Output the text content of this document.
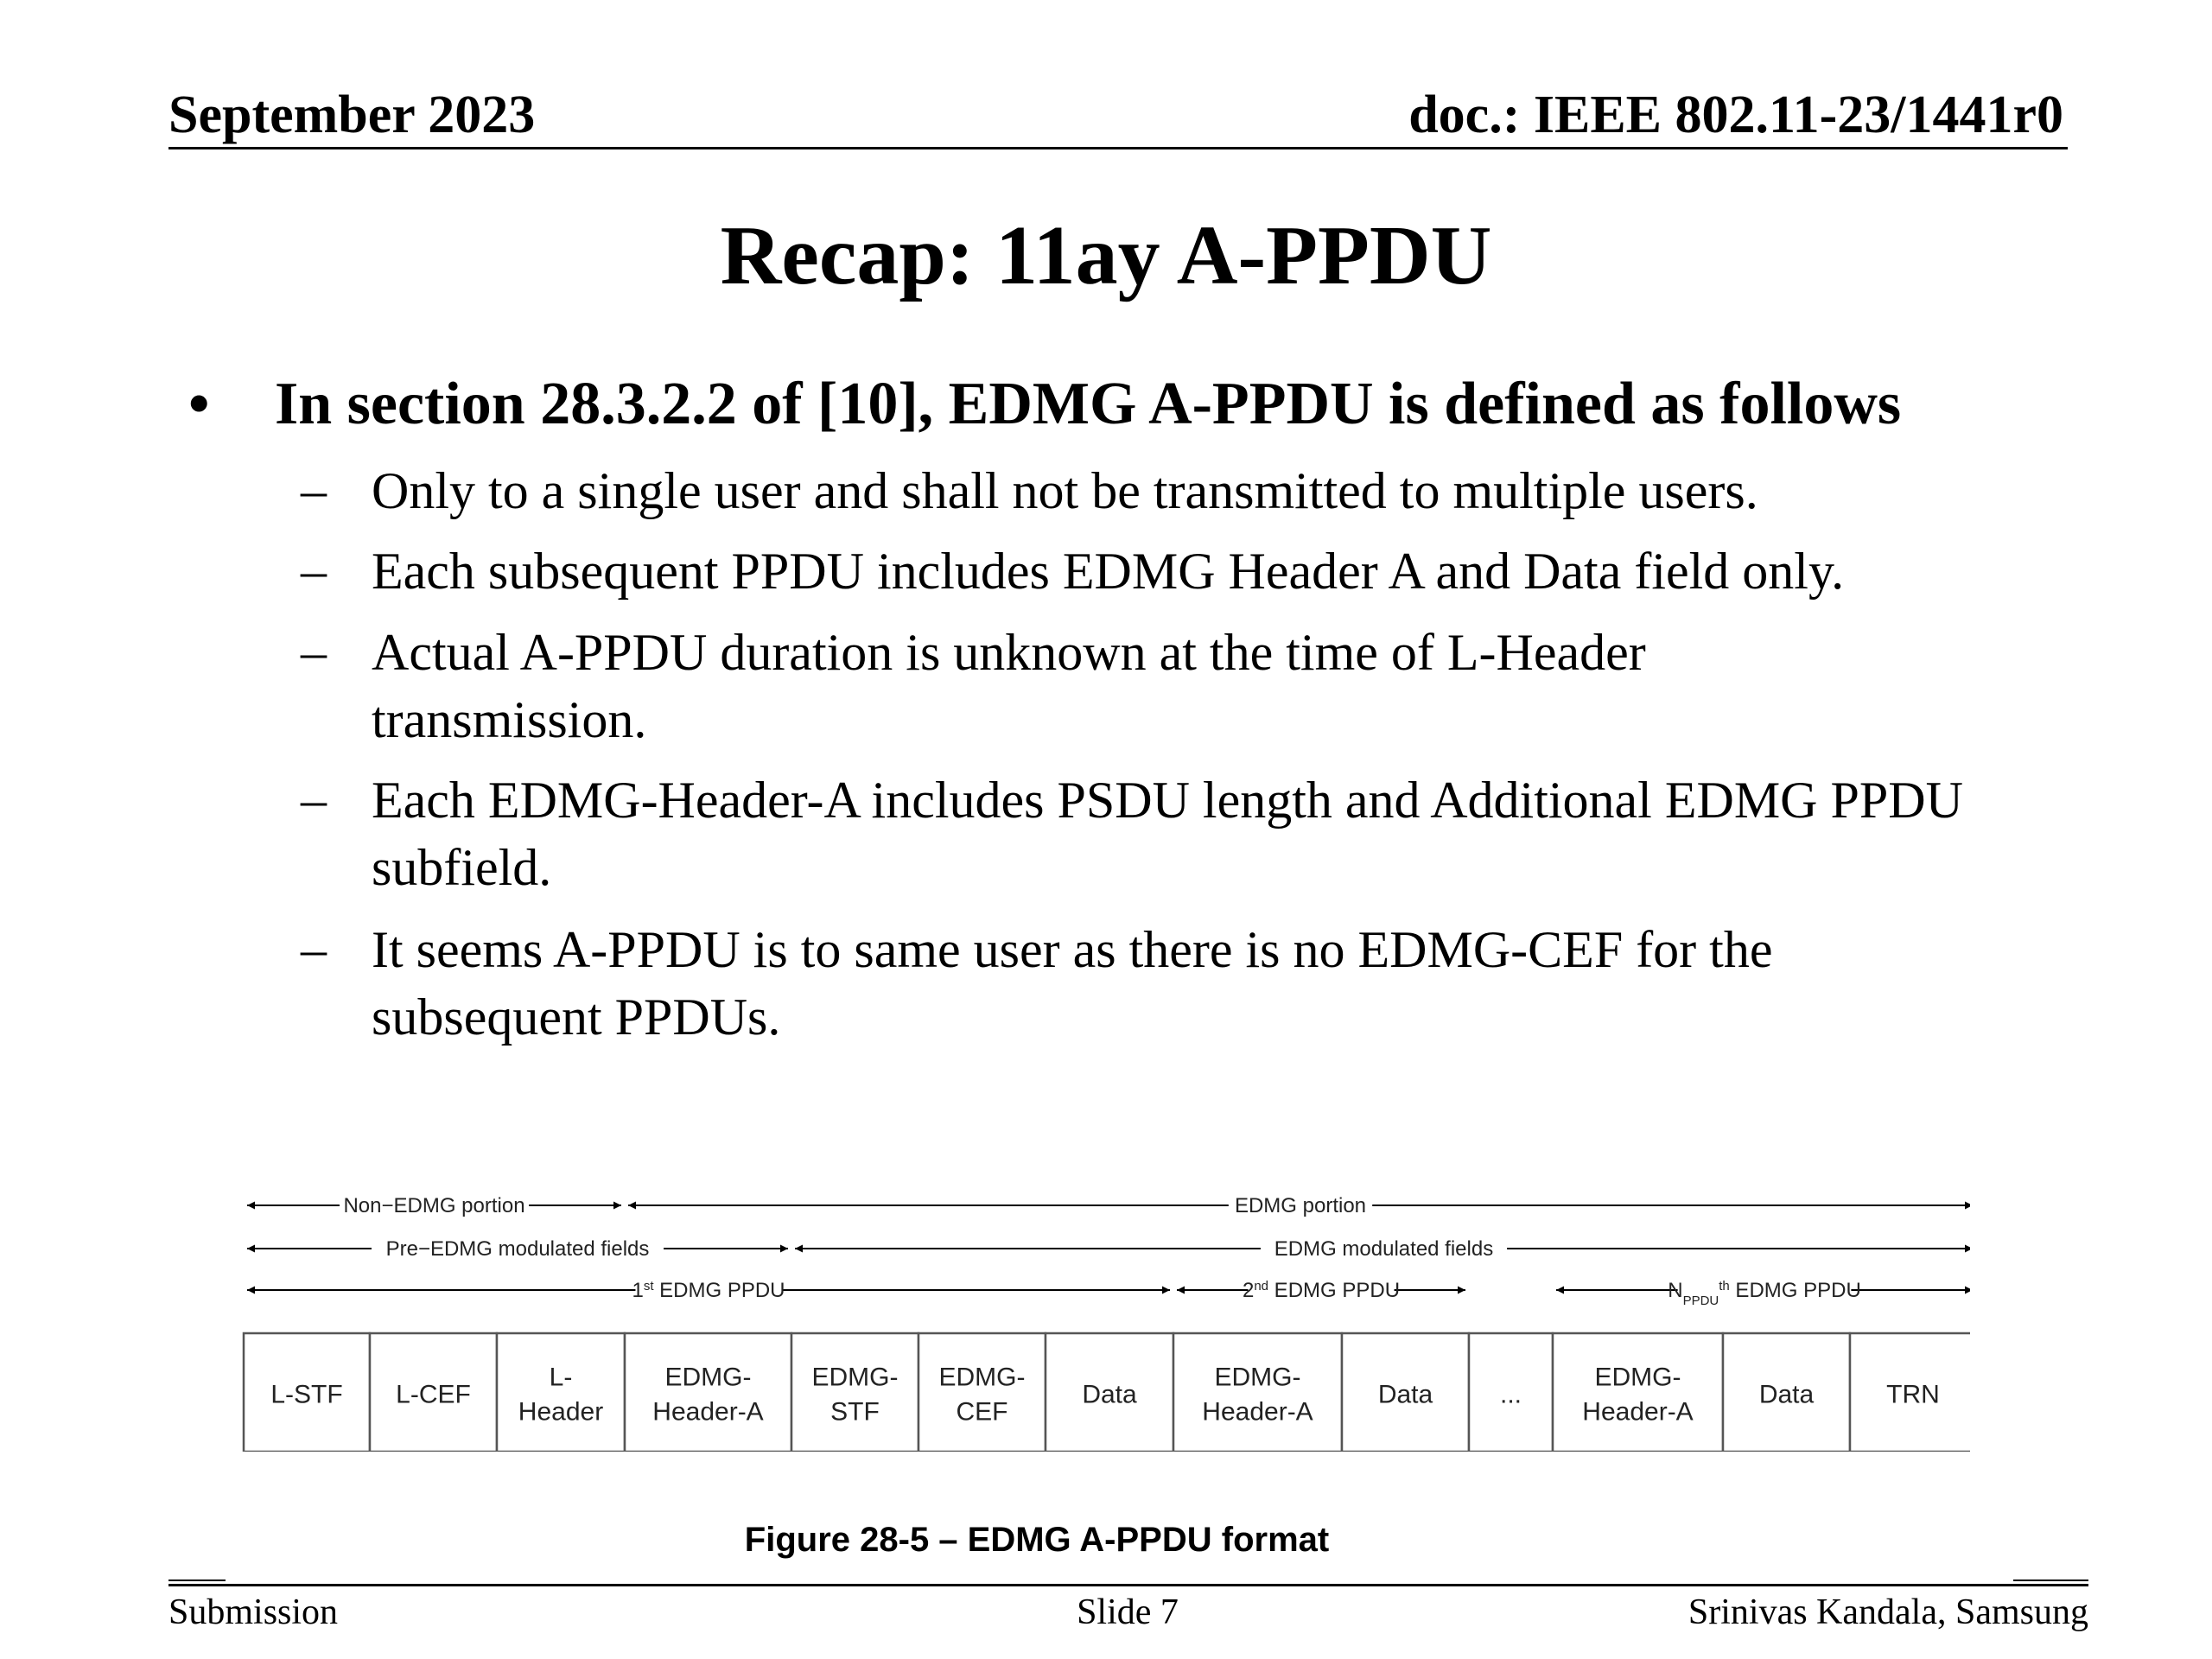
September 2023	doc.: IEEE 802.11-23/1441r0
Recap: 11ay A-PPDU
• In section 28.3.2.2 of [10], EDMG A-PPDU is defined as follows
– Only to a single user and shall not be transmitted to multiple users.
– Each subsequent PPDU includes EDMG Header A and Data field only.
– Actual A-PPDU duration is unknown at the time of L-Header transmission.
– Each EDMG-Header-A includes PSDU length and Additional EDMG PPDU subfield.
– It seems A-PPDU is to same user as there is no EDMG-CEF for the subsequent PPDUs.
Non−EDMG portion	EDMG portion
Pre−EDMG modulated fields	EDMG modulated fields
1st EDMG PPDU	2nd EDMG PPDU	$N_{PPDU}^{th}$ EDMG PPDU
L-STF L-CEF
L-
Header
EDMG-
Header-A
EDMG-
STF
EDMG-
CEF
Data
EDMG-
Header-A
Data	...
EDMG-
Header-A
Data	TRN
Figure 28-5 – EDMG A-PPDU format
Submission	Slide 7	Srinivas Kandala, Samsung
